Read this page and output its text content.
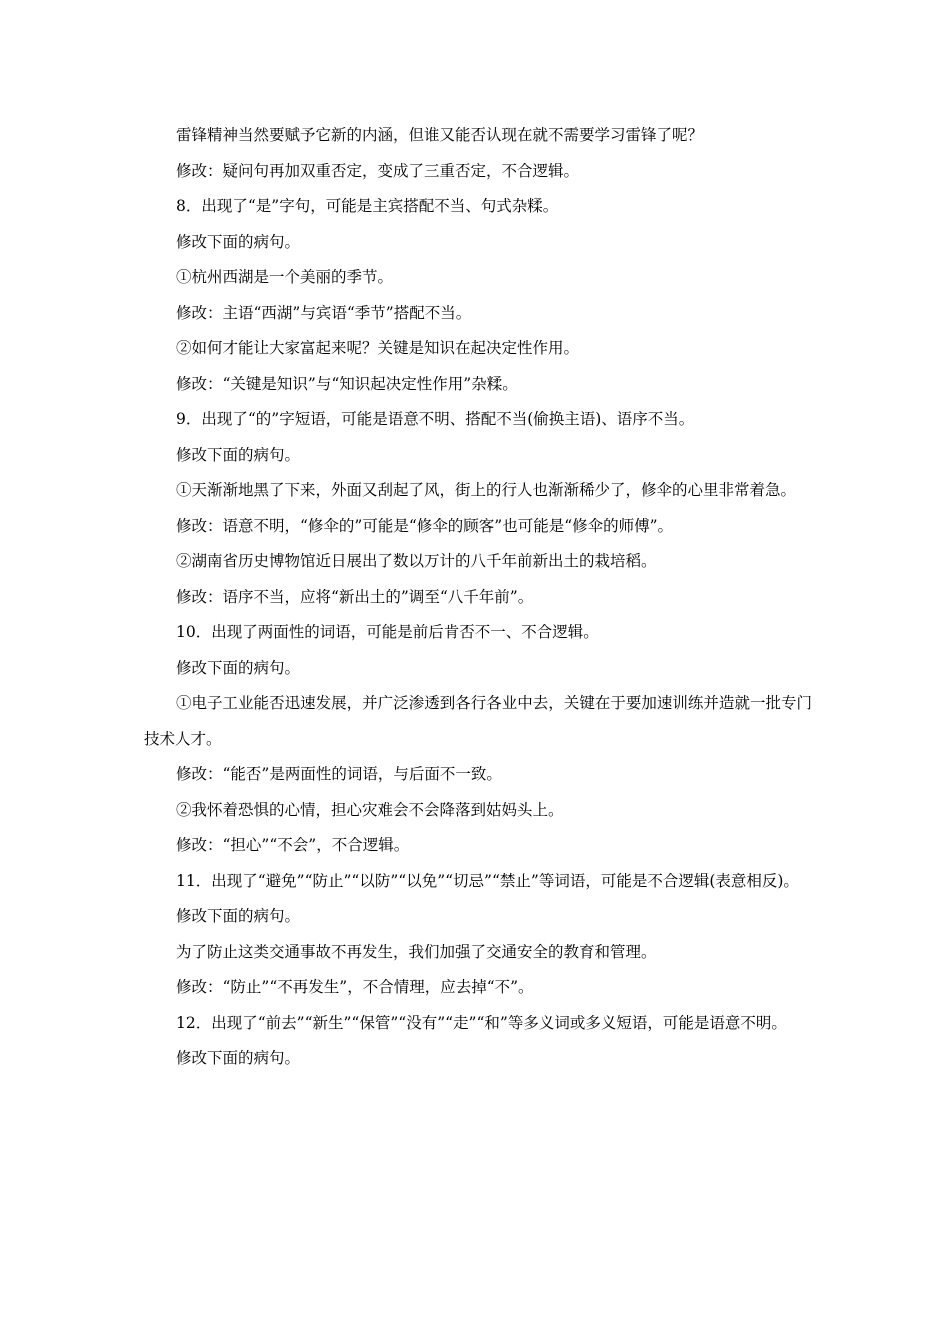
雷锋精神当然要赋予它新的内涵，但谁又能否认现在就不需要学习雷锋了呢？

修改：疑问句再加双重否定，变成了三重否定，不合逻辑。

8．出现了“是”字句，可能是主宾搭配不当、句式杂糅。

修改下面的病句。

①杭州西湖是一个美丽的季节。

修改：主语“西湖”与宾语“季节”搭配不当。

②如何才能让大家富起来呢？关键是知识在起决定性作用。

修改：“关键是知识”与“知识起决定性作用”杂糅。

9．出现了“的”字短语，可能是语意不明、搭配不当(偷换主语)、语序不当。

修改下面的病句。

①天渐渐地黑了下来，外面又刮起了风，街上的行人也渐渐稀少了，修伞的心里非常着急。

修改：语意不明，“修伞的”可能是“修伞的顾客”也可能是“修伞的师傅”。

②湖南省历史博物馆近日展出了数以万计的八千年前新出土的栽培稻。

修改：语序不当，应将“新出土的”调至“八千年前”。

10．出现了两面性的词语，可能是前后肯否不一、不合逻辑。

修改下面的病句。

①电子工业能否迅速发展，并广泛渗透到各行各业中去，关键在于要加速训练并造就一批专门技术人才。

修改：“能否”是两面性的词语，与后面不一致。

②我怀着恐惧的心情，担心灾难会不会降落到姑妈头上。

修改：“担心”“不会”，不合逻辑。

11．出现了“避免”“防止”“以防”“以免”“切忌”“禁止”等词语，可能是不合逻辑(表意相反)。

修改下面的病句。

为了防止这类交通事故不再发生，我们加强了交通安全的教育和管理。

修改：“防止”“不再发生”，不合情理，应去掉“不”。

12．出现了“前去”“新生”“保管”“没有”“走”“和”等多义词或多义短语，可能是语意不明。

修改下面的病句。
